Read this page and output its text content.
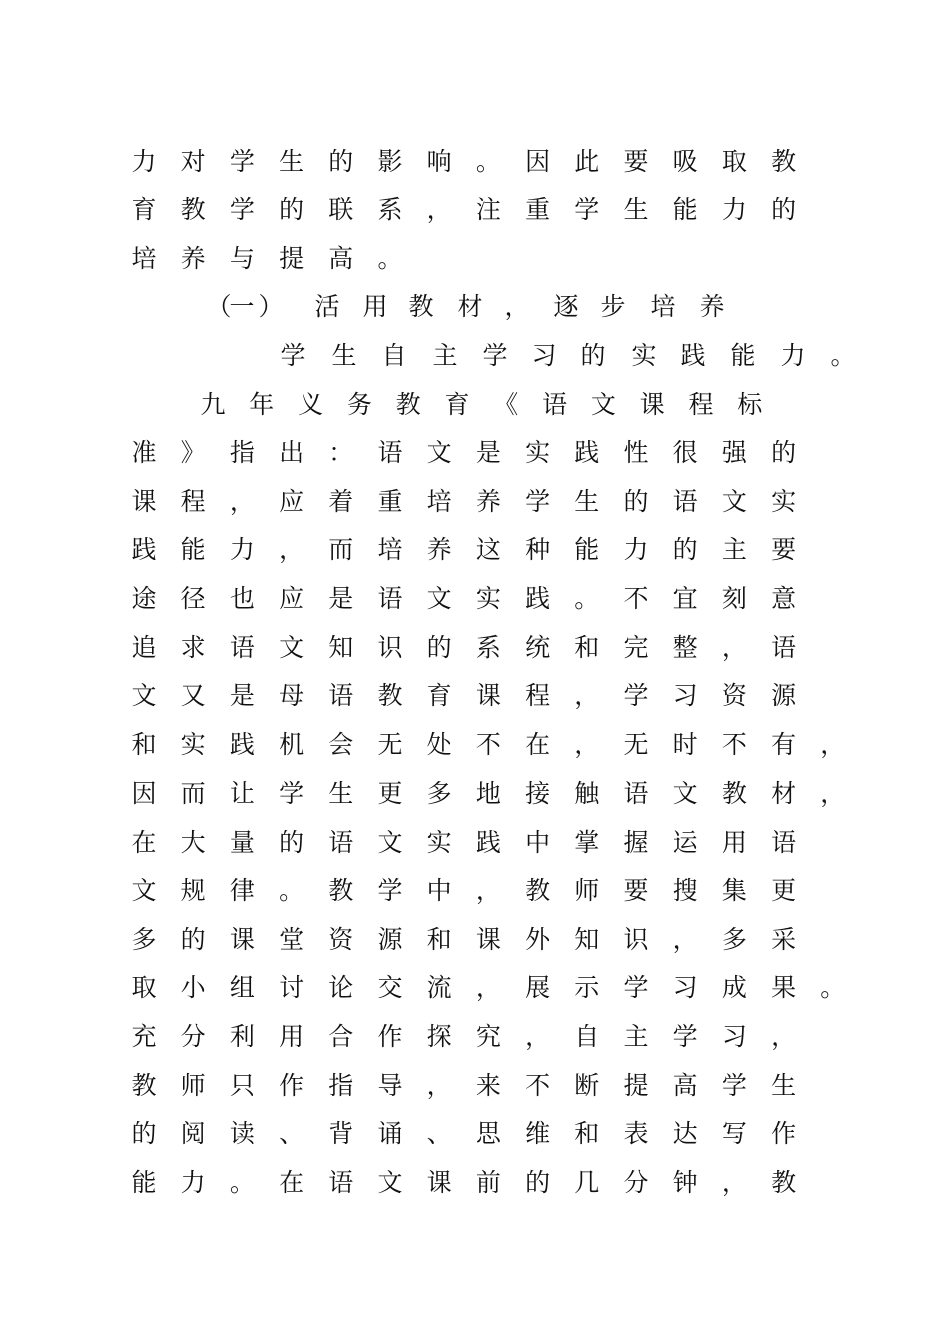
力 对 学 生 的 影 响 。 因 此 要 吸 取 教
育 教 学 的 联 系 ， 注 重 学 生 能 力 的
培 养 与 提 高 。
（
一 ） 活 用 教 材 ， 逐 步 培 养
学 生 自 主 学 习 的 实 践 能 力 。
九 年 义 务 教 育 《 语 文 课 程 标
准 》 指 出 ： 语 文 是 实 践 性 很 强 的
课 程 ， 应 着 重 培 养 学 生 的 语 文 实
践 能 力 ， 而 培 养 这 种 能 力 的 主 要
途 径 也 应 是 语 文 实 践 。 不 宜 刻 意
追 求 语 文 知 识 的 系 统 和 完 整 ， 语
文 又 是 母 语 教 育 课 程 ， 学 习 资 源
和 实 践 机 会 无 处 不 在 ， 无 时 不 有 ，
因 而 让 学 生 更 多 地 接 触 语 文 教 材 ，
在 大 量 的 语 文 实 践 中 掌 握 运 用 语
文 规 律 。 教 学 中 ， 教 师 要 搜 集 更
多 的 课 堂 资 源 和 课 外 知 识 ， 多 采
取 小 组 讨 论 交 流 ， 展 示 学 习 成 果 。
充 分 利 用 合 作 探 究 ， 自 主 学 习 ，
教 师 只 作 指 导 ， 来 不 断 提 高 学 生
的 阅 读 、 背 诵 、 思 维 和 表 达 写 作
能 力 。 在 语 文 课 前 的 几 分 钟 ， 教
